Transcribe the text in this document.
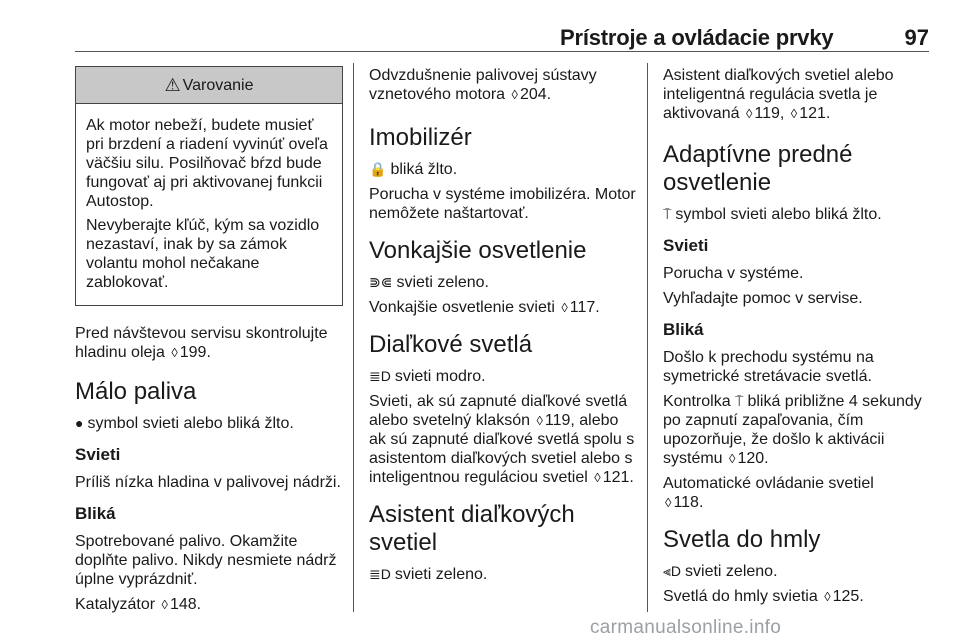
Prístroje a ovládacie prvky	97
⚠ Varovanie

Ak motor nebeží, budete musieť pri brzdení a riadení vyvinúť oveľa väčšiu silu. Posilňovač bŕzd bude fungovať aj pri aktivovanej funkcii Autostop.

Nevyberajte kľúč, kým sa vozidlo nezastaví, inak by sa zámok volantu mohol nečakane zablokovať.

Pred návštevou servisu skontrolujte hladinu oleja ◊ 199.

Málo paliva

● symbol svieti alebo bliká žlto.

Svieti

Príliš nízka hladina v palivovej nádrži.

Bliká

Spotrebované palivo. Okamžite doplňte palivo. Nikdy nesmiete nádrž úplne vyprázdniť.

Katalyzátor ◊ 148.

Odvzdušnenie palivovej sústavy vznetového motora ◊ 204.

Imobilizér

🔒 bliká žlto.

Porucha v systéme imobilizéra. Motor nemôžete naštartovať.

Vonkajšie osvetlenie

⋑⋐ svieti zeleno.

Vonkajšie osvetlenie svieti ◊ 117.

Diaľkové svetlá

≣D svieti modro.

Svieti, ak sú zapnuté diaľkové svetlá alebo svetelný klaksón ◊ 119, alebo ak sú zapnuté diaľkové svetlá spolu s asistentom diaľkových svetiel alebo s inteligentnou reguláciou svetiel ◊ 121.

Asistent diaľkových svetiel

≣D svieti zeleno.

Asistent diaľkových svetiel alebo inteligentná regulácia svetla je aktivovaná ◊ 119, ◊ 121.

Adaptívne predné osvetlenie

⍑ symbol svieti alebo bliká žlto.

Svieti

Porucha v systéme.

Vyhľadajte pomoc v servise.

Bliká

Došlo k prechodu systému na symetrické stretávacie svetlá.

Kontrolka ⍑ bliká približne 4 sekundy po zapnutí zapaľovania, čím upozorňuje, že došlo k aktivácii systému ◊ 120.

Automatické ovládanie svetiel
◊ 118.

Svetla do hmly

⫷D svieti zeleno.

Svetlá do hmly svietia ◊ 125.

carmanualsonline.info
